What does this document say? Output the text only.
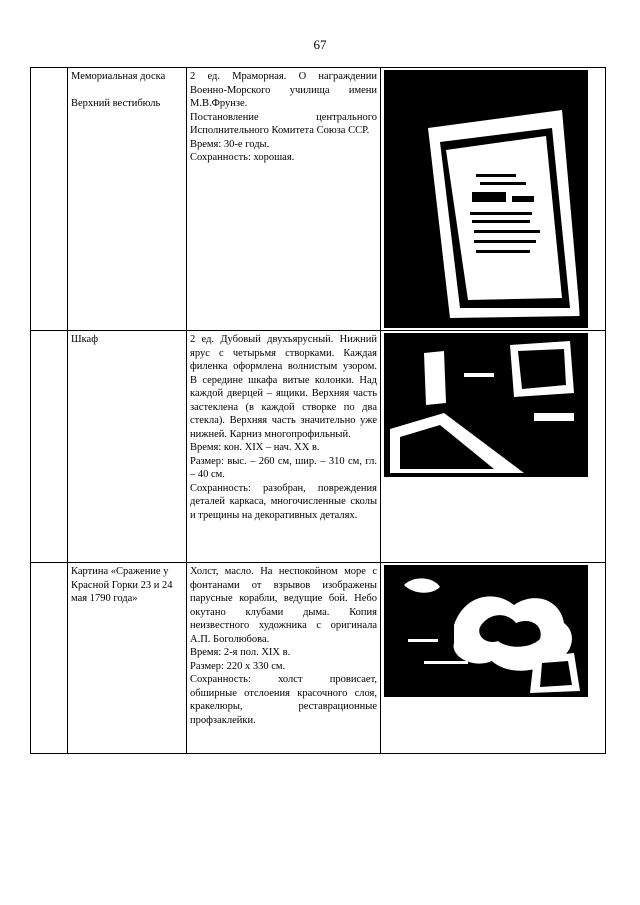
67

	Мемориальная доска
Верхний вестибюль	2 ед. Мраморная. О награждении Военно-Морского училища имени М.В.Фрунзе.
Постановление центрального Исполнительного Комитета Союза ССР.
Время: 30-е годы.
Сохранность: хорошая.

	Шкаф	2 ед. Дубовый двухъярусный. Нижний ярус с четырьмя створками. Каждая филенка оформлена волнистым узором. В середине шкафа витые колонки. Над каждой дверцей – ящики. Верхняя часть застеклена (в каждой створке по два стекла). Верхняя часть значительно уже нижней. Карниз многопрофильный.
Время: кон. XIX – нач. XX в.
Размер: выс. – 260 см, шир. – 310 см, гл. – 40 см.
Сохранность: разобран, повреждения деталей каркаса, многочисленные сколы и трещины на декоративных деталях.

	Картина «Сражение у Красной Горки 23 и 24 мая 1790 года»	Холст, масло. На неспокойном море с фонтанами от взрывов изображены парусные корабли, ведущие бой. Небо окутано клубами дыма. Копия неизвестного художника с оригинала А.П. Боголюбова.
Время: 2-я пол. XIX в.
Размер: 220 х 330 см.
Сохранность: холст провисает, обширные отслоения красочного слоя, кракелюры, реставрационные профзаклейки.
